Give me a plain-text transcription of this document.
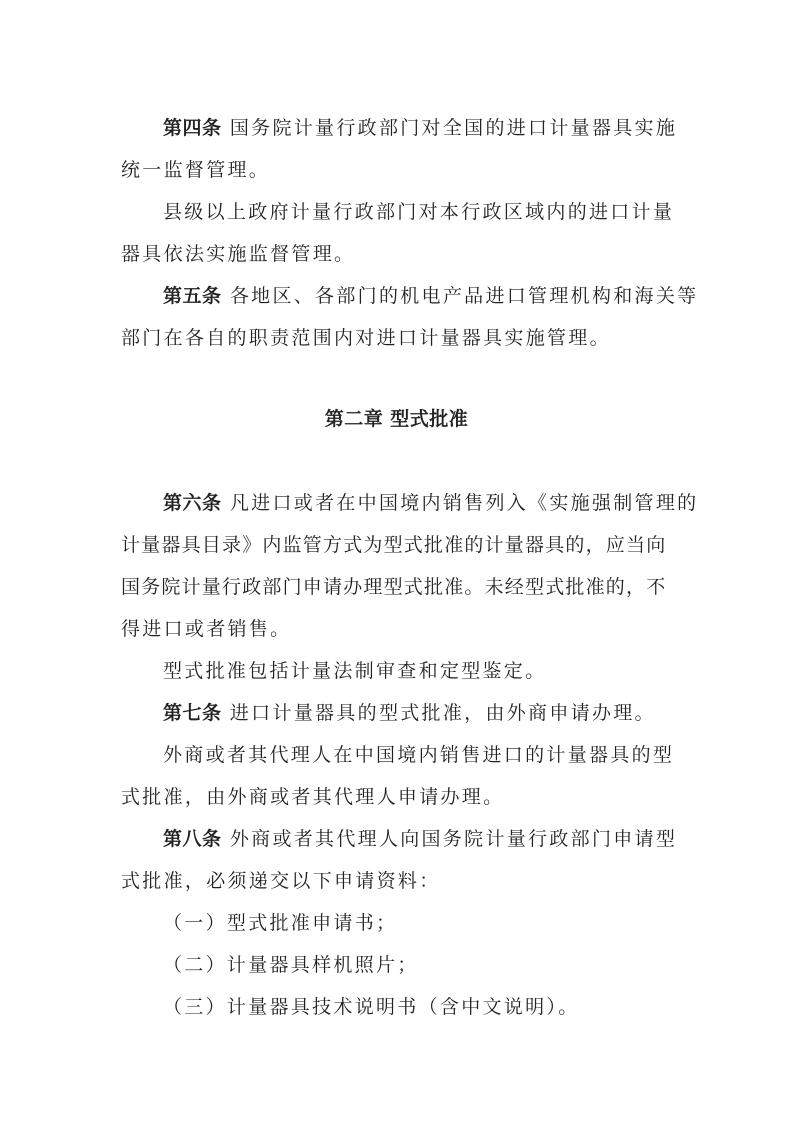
第四条 国务院计量行政部门对全国的进口计量器具实施

统一监督管理。

县级以上政府计量行政部门对本行政区域内的进口计量

器具依法实施监督管理。

第五条 各地区、各部门的机电产品进口管理机构和海关等

部门在各自的职责范围内对进口计量器具实施管理。

第二章 型式批准

第六条 凡进口或者在中国境内销售列入《实施强制管理的

计量器具目录》内监管方式为型式批准的计量器具的，应当向

国务院计量行政部门申请办理型式批准。未经型式批准的，不

得进口或者销售。

型式批准包括计量法制审查和定型鉴定。

第七条 进口计量器具的型式批准，由外商申请办理。

外商或者其代理人在中国境内销售进口的计量器具的型

式批准，由外商或者其代理人申请办理。

第八条 外商或者其代理人向国务院计量行政部门申请型

式批准，必须递交以下申请资料：

（一）型式批准申请书；

（二）计量器具样机照片；

（三）计量器具技术说明书（含中文说明）。
